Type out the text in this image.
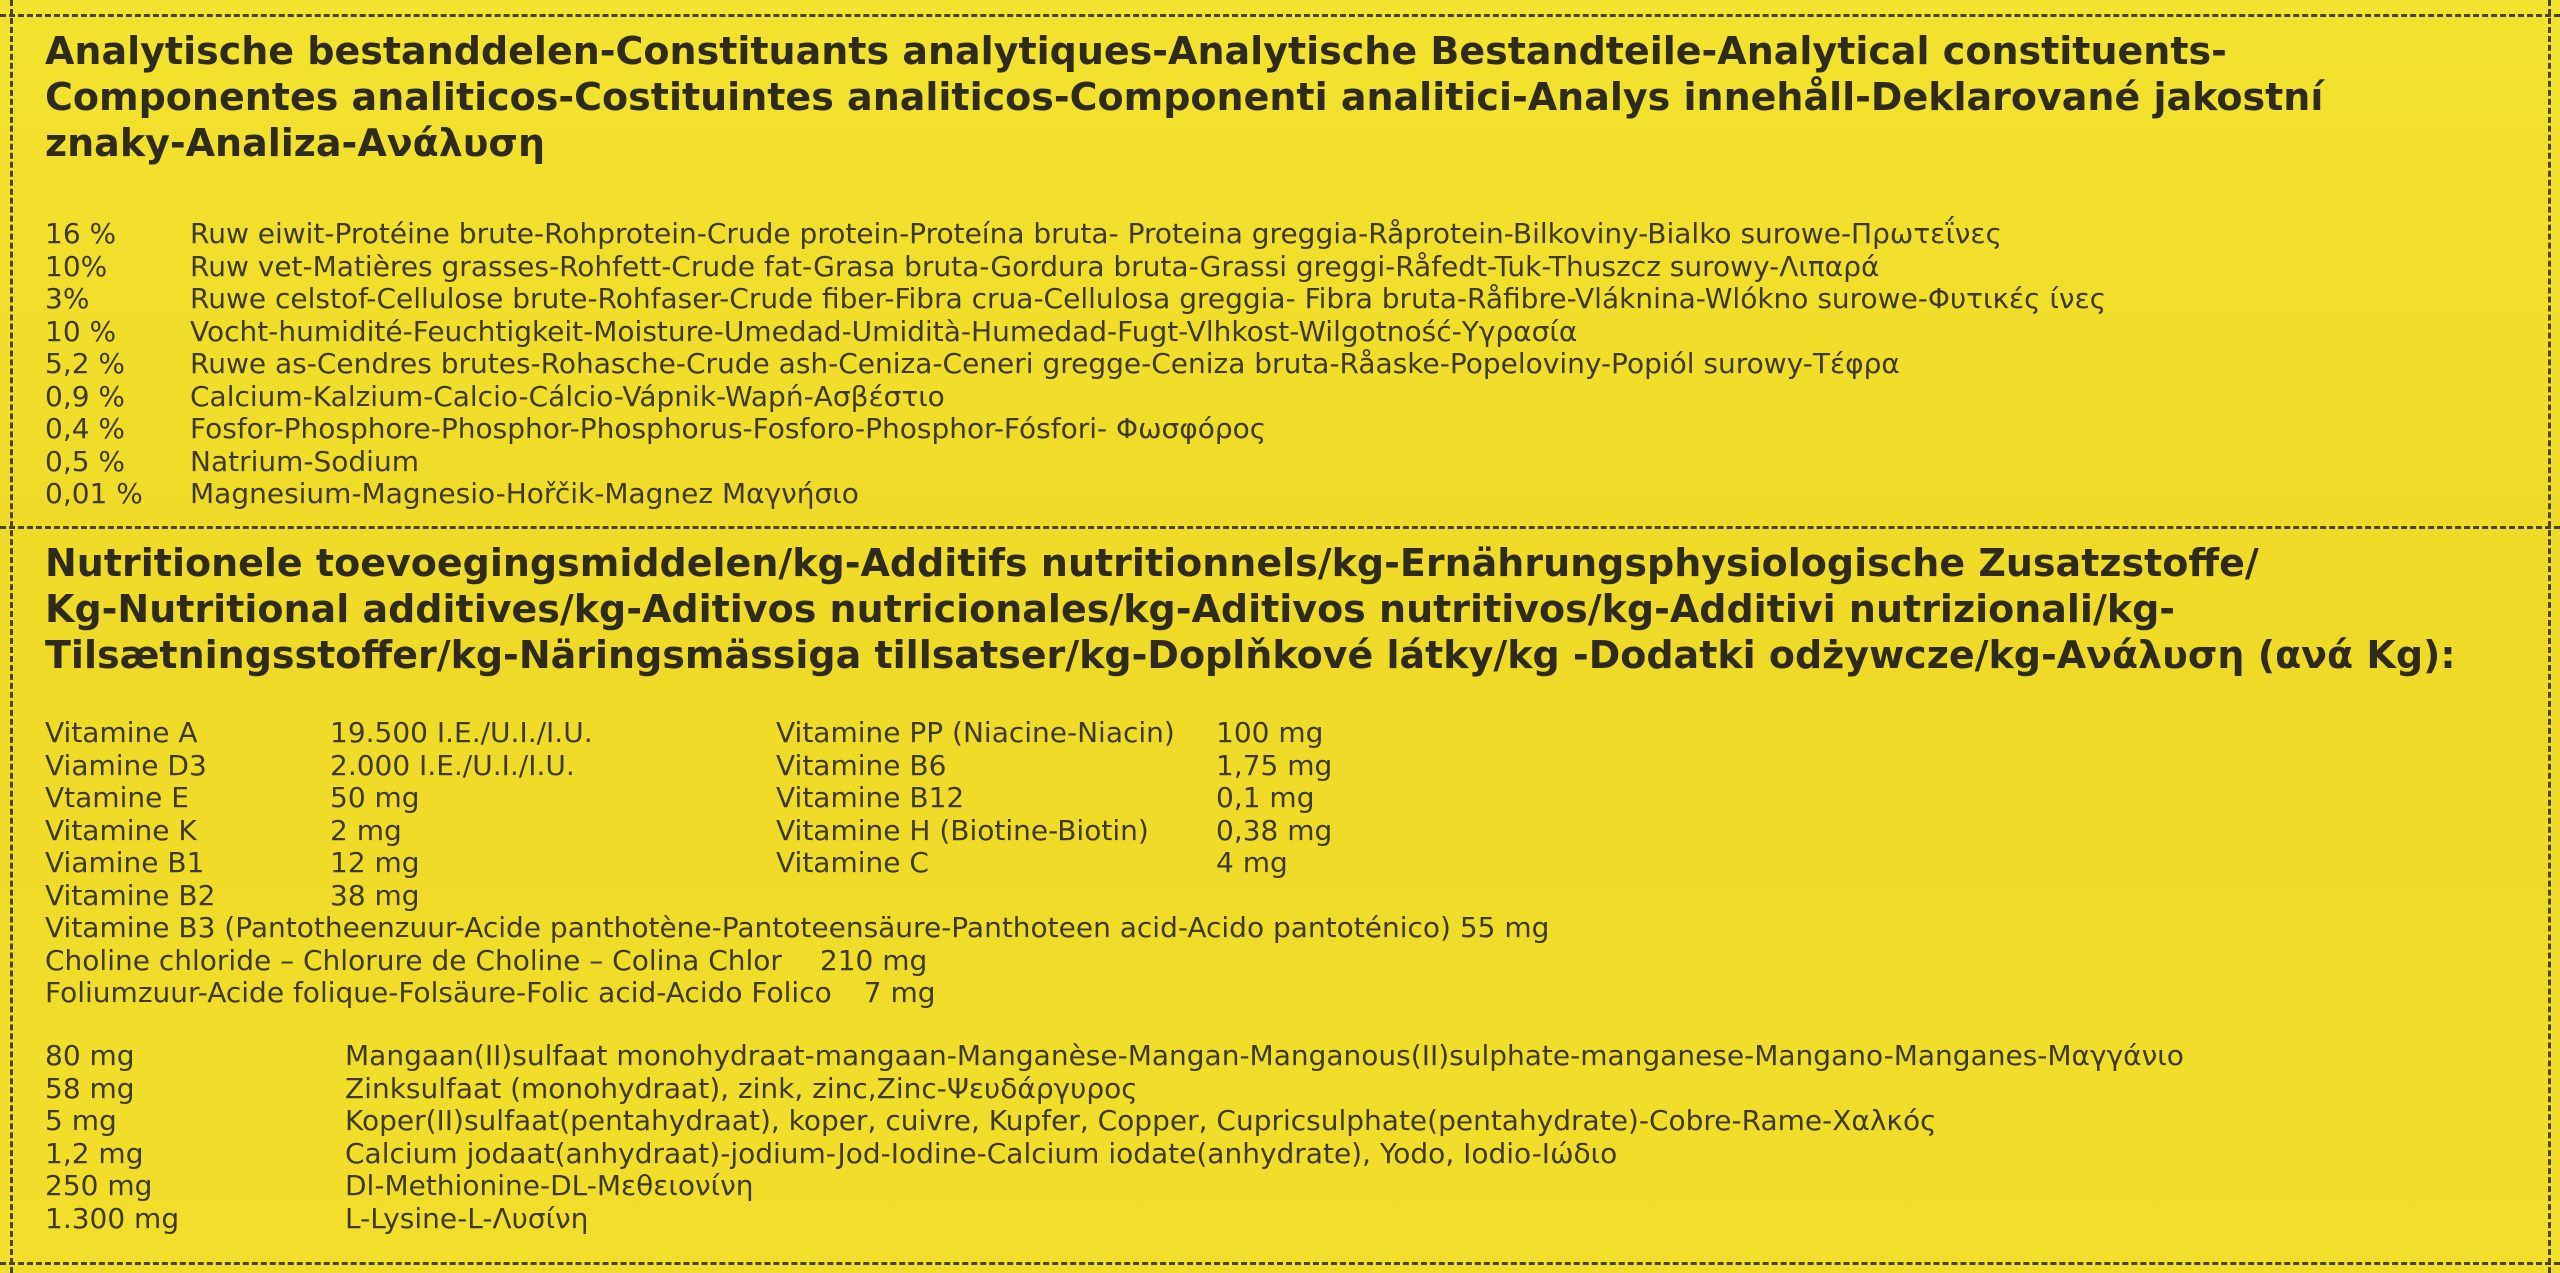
Analytische bestanddelen-Constituants analytiques-Analytische Bestandteile-Analytical constituents-
Componentes analiticos-Costituintes analiticos-Componenti analitici-Analys innehåll-Deklarované jakostní
znaky-Analiza-Ανάλυση
16 %	Ruw eiwit-Protéine brute-Rohprotein-Crude protein-Proteína bruta- Proteina greggia-Råprotein-Bilkoviny-Bialko surowe-Πρωτεΐνες
10%	Ruw vet-Matières grasses-Rohfett-Crude fat-Grasa bruta-Gordura bruta-Grassi greggi-Råfedt-Tuk-Thuszcz surowy-Λιπαρά
3%	Ruwe celstof-Cellulose brute-Rohfaser-Crude fiber-Fibra crua-Cellulosa greggia- Fibra bruta-Råfibre-Vláknina-Wlókno surowe-Φυτικές ίνες
10 %	Vocht-humidité-Feuchtigkeit-Moisture-Umedad-Umidità-Humedad-Fugt-Vlhkost-Wilgotność-Υγρασία
5,2 %	Ruwe as-Cendres brutes-Rohasche-Crude ash-Ceniza-Ceneri gregge-Ceniza bruta-Råaske-Popeloviny-Popiól surowy-Τέφρα
0,9 %	Calcium-Kalzium-Calcio-Cálcio-Vápnik-Wapń-Ασβέστιο
0,4 %	Fosfor-Phosphore-Phosphor-Phosphorus-Fosforo-Phosphor-Fósfori- Φωσφόρος
0,5 %	Natrium-Sodium
0,01 %	Magnesium-Magnesio-Hořčik-Magnez Μαγνήσιο
Nutritionele toevoegingsmiddelen/kg-Additifs nutritionnels/kg-Ernährungsphysiologische Zusatzstoffe/
Kg-Nutritional additives/kg-Aditivos nutricionales/kg-Aditivos nutritivos/kg-Additivi nutrizionali/kg-
Tilsætningsstoffer/kg-Näringsmässiga tillsatser/kg-Doplňkové látky/kg -Dodatki odżywcze/kg-Ανάλυση (ανά Kg):
Vitamine A	19.500 I.E./U.I./I.U.	Vitamine PP (Niacine-Niacin)	100 mg
Viamine D3	2.000 I.E./U.I./I.U.	Vitamine B6	1,75 mg
Vtamine E	50 mg	Vitamine B12	0,1 mg
Vitamine K	2 mg	Vitamine H (Biotine-Biotin)	0,38 mg
Viamine B1	12 mg	Vitamine C	4 mg
Vitamine B2	38 mg
Vitamine B3 (Pantotheenzuur-Acide panthotène-Pantoteensäure-Panthoteen acid-Acido pantoténico) 55 mg
Choline chloride – Chlorure de Choline – Colina Chlor 210 mg
Foliumzuur-Acide folique-Folsäure-Folic acid-Acido Folico 7 mg
80 mg	Mangaan(II)sulfaat monohydraat-mangaan-Manganèse-Mangan-Manganous(II)sulphate-manganese-Mangano-Manganes-Μαγγάνιο
58 mg	Zinksulfaat (monohydraat), zink, zinc,Zinc-Ψευδάργυρος
5 mg	Koper(II)sulfaat(pentahydraat), koper, cuivre, Kupfer, Copper, Cupricsulphate(pentahydrate)-Cobre-Rame-Χαλκός
1,2 mg	Calcium jodaat(anhydraat)-jodium-Jod-Iodine-Calcium iodate(anhydrate), Yodo, Iodio-Ιώδιο
250 mg	Dl-Methionine-DL-Μεθειονίνη
1.300 mg	L-Lysine-L-Λυσίνη
